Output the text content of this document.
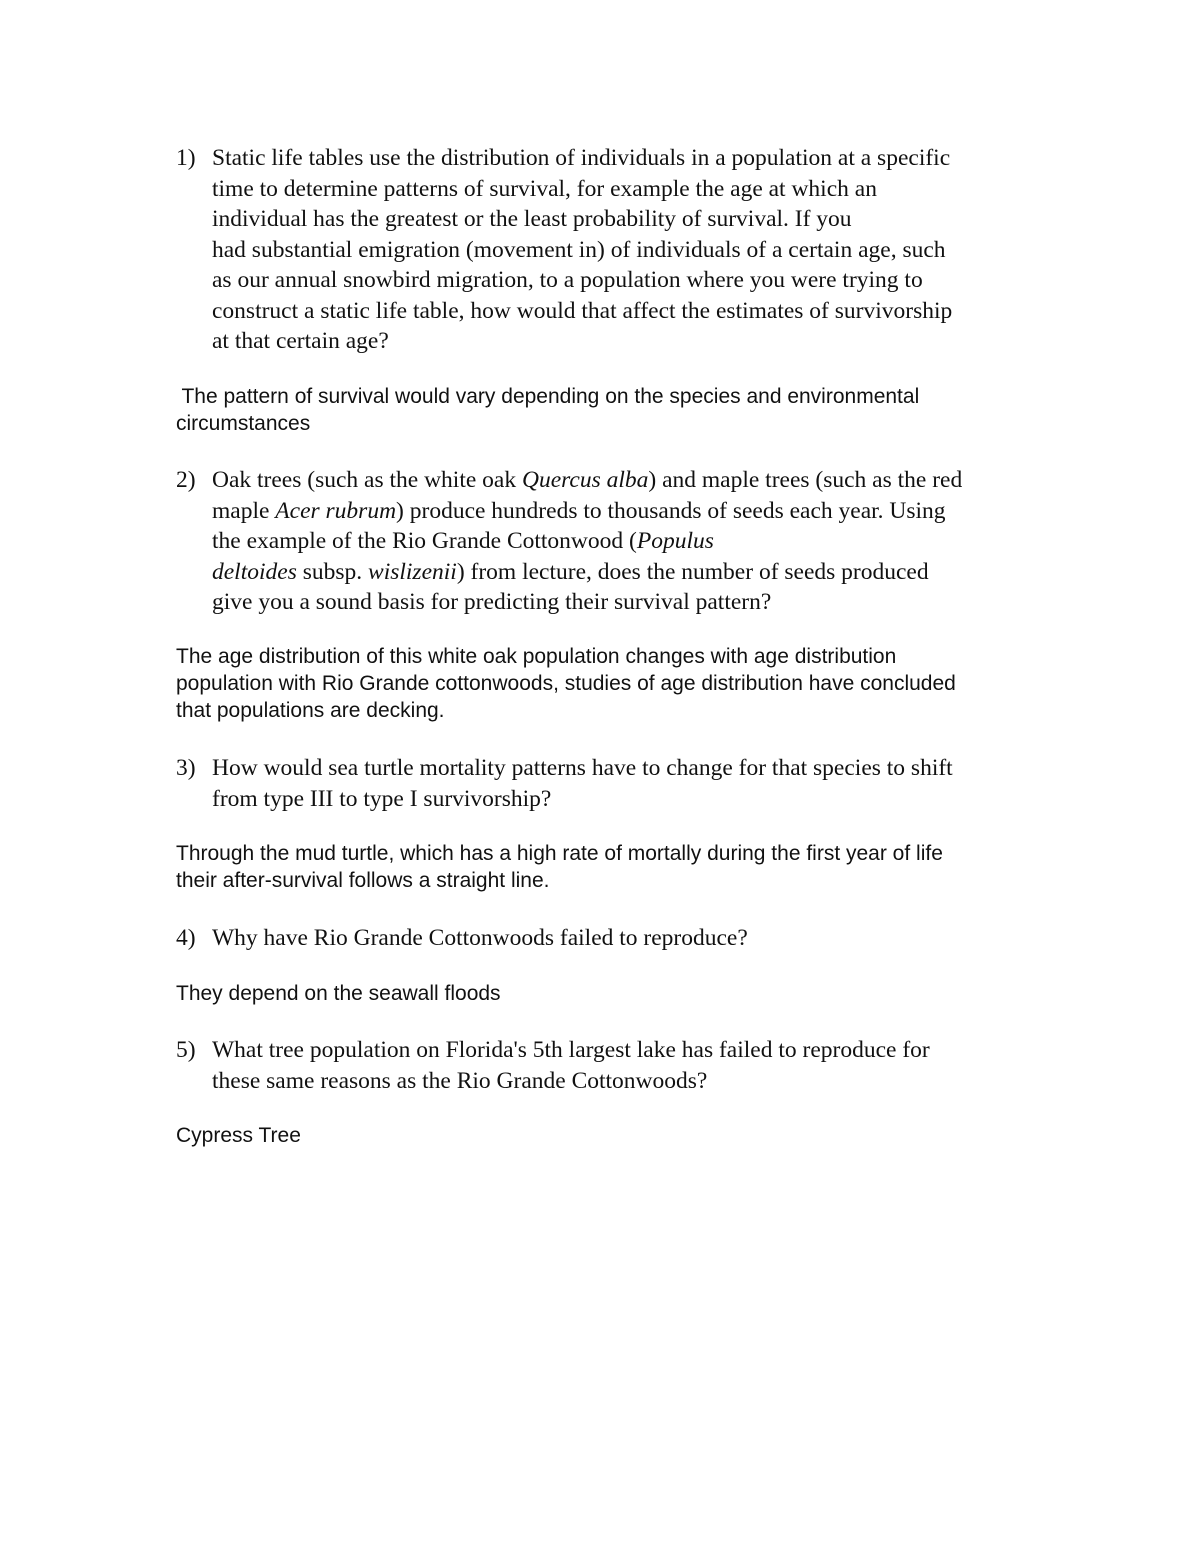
1) Static life tables use the distribution of individuals in a population at a specific
time to determine patterns of survival, for example the age at which an
individual has the greatest or the least probability of survival. If you
had substantial emigration (movement in) of individuals of a certain age, such
as our annual snowbird migration, to a population where you were trying to
construct a static life table, how would that affect the estimates of survivorship
at that certain age?
The pattern of survival would vary depending on the species and environmental
circumstances
2) Oak trees (such as the white oak Quercus alba) and maple trees (such as the red
maple Acer rubrum) produce hundreds to thousands of seeds each year. Using
the example of the Rio Grande Cottonwood (Populus
deltoides subsp. wislizenii) from lecture, does the number of seeds produced
give you a sound basis for predicting their survival pattern?
The age distribution of this white oak population changes with age distribution
population with Rio Grande cottonwoods, studies of age distribution have concluded
that populations are decking.
3) How would sea turtle mortality patterns have to change for that species to shift
from type III to type I survivorship?
Through the mud turtle, which has a high rate of mortally during the first year of life
their after-survival follows a straight line.
4) Why have Rio Grande Cottonwoods failed to reproduce?
They depend on the seawall floods
5) What tree population on Florida's 5th largest lake has failed to reproduce for
these same reasons as the Rio Grande Cottonwoods?
Cypress Tree
